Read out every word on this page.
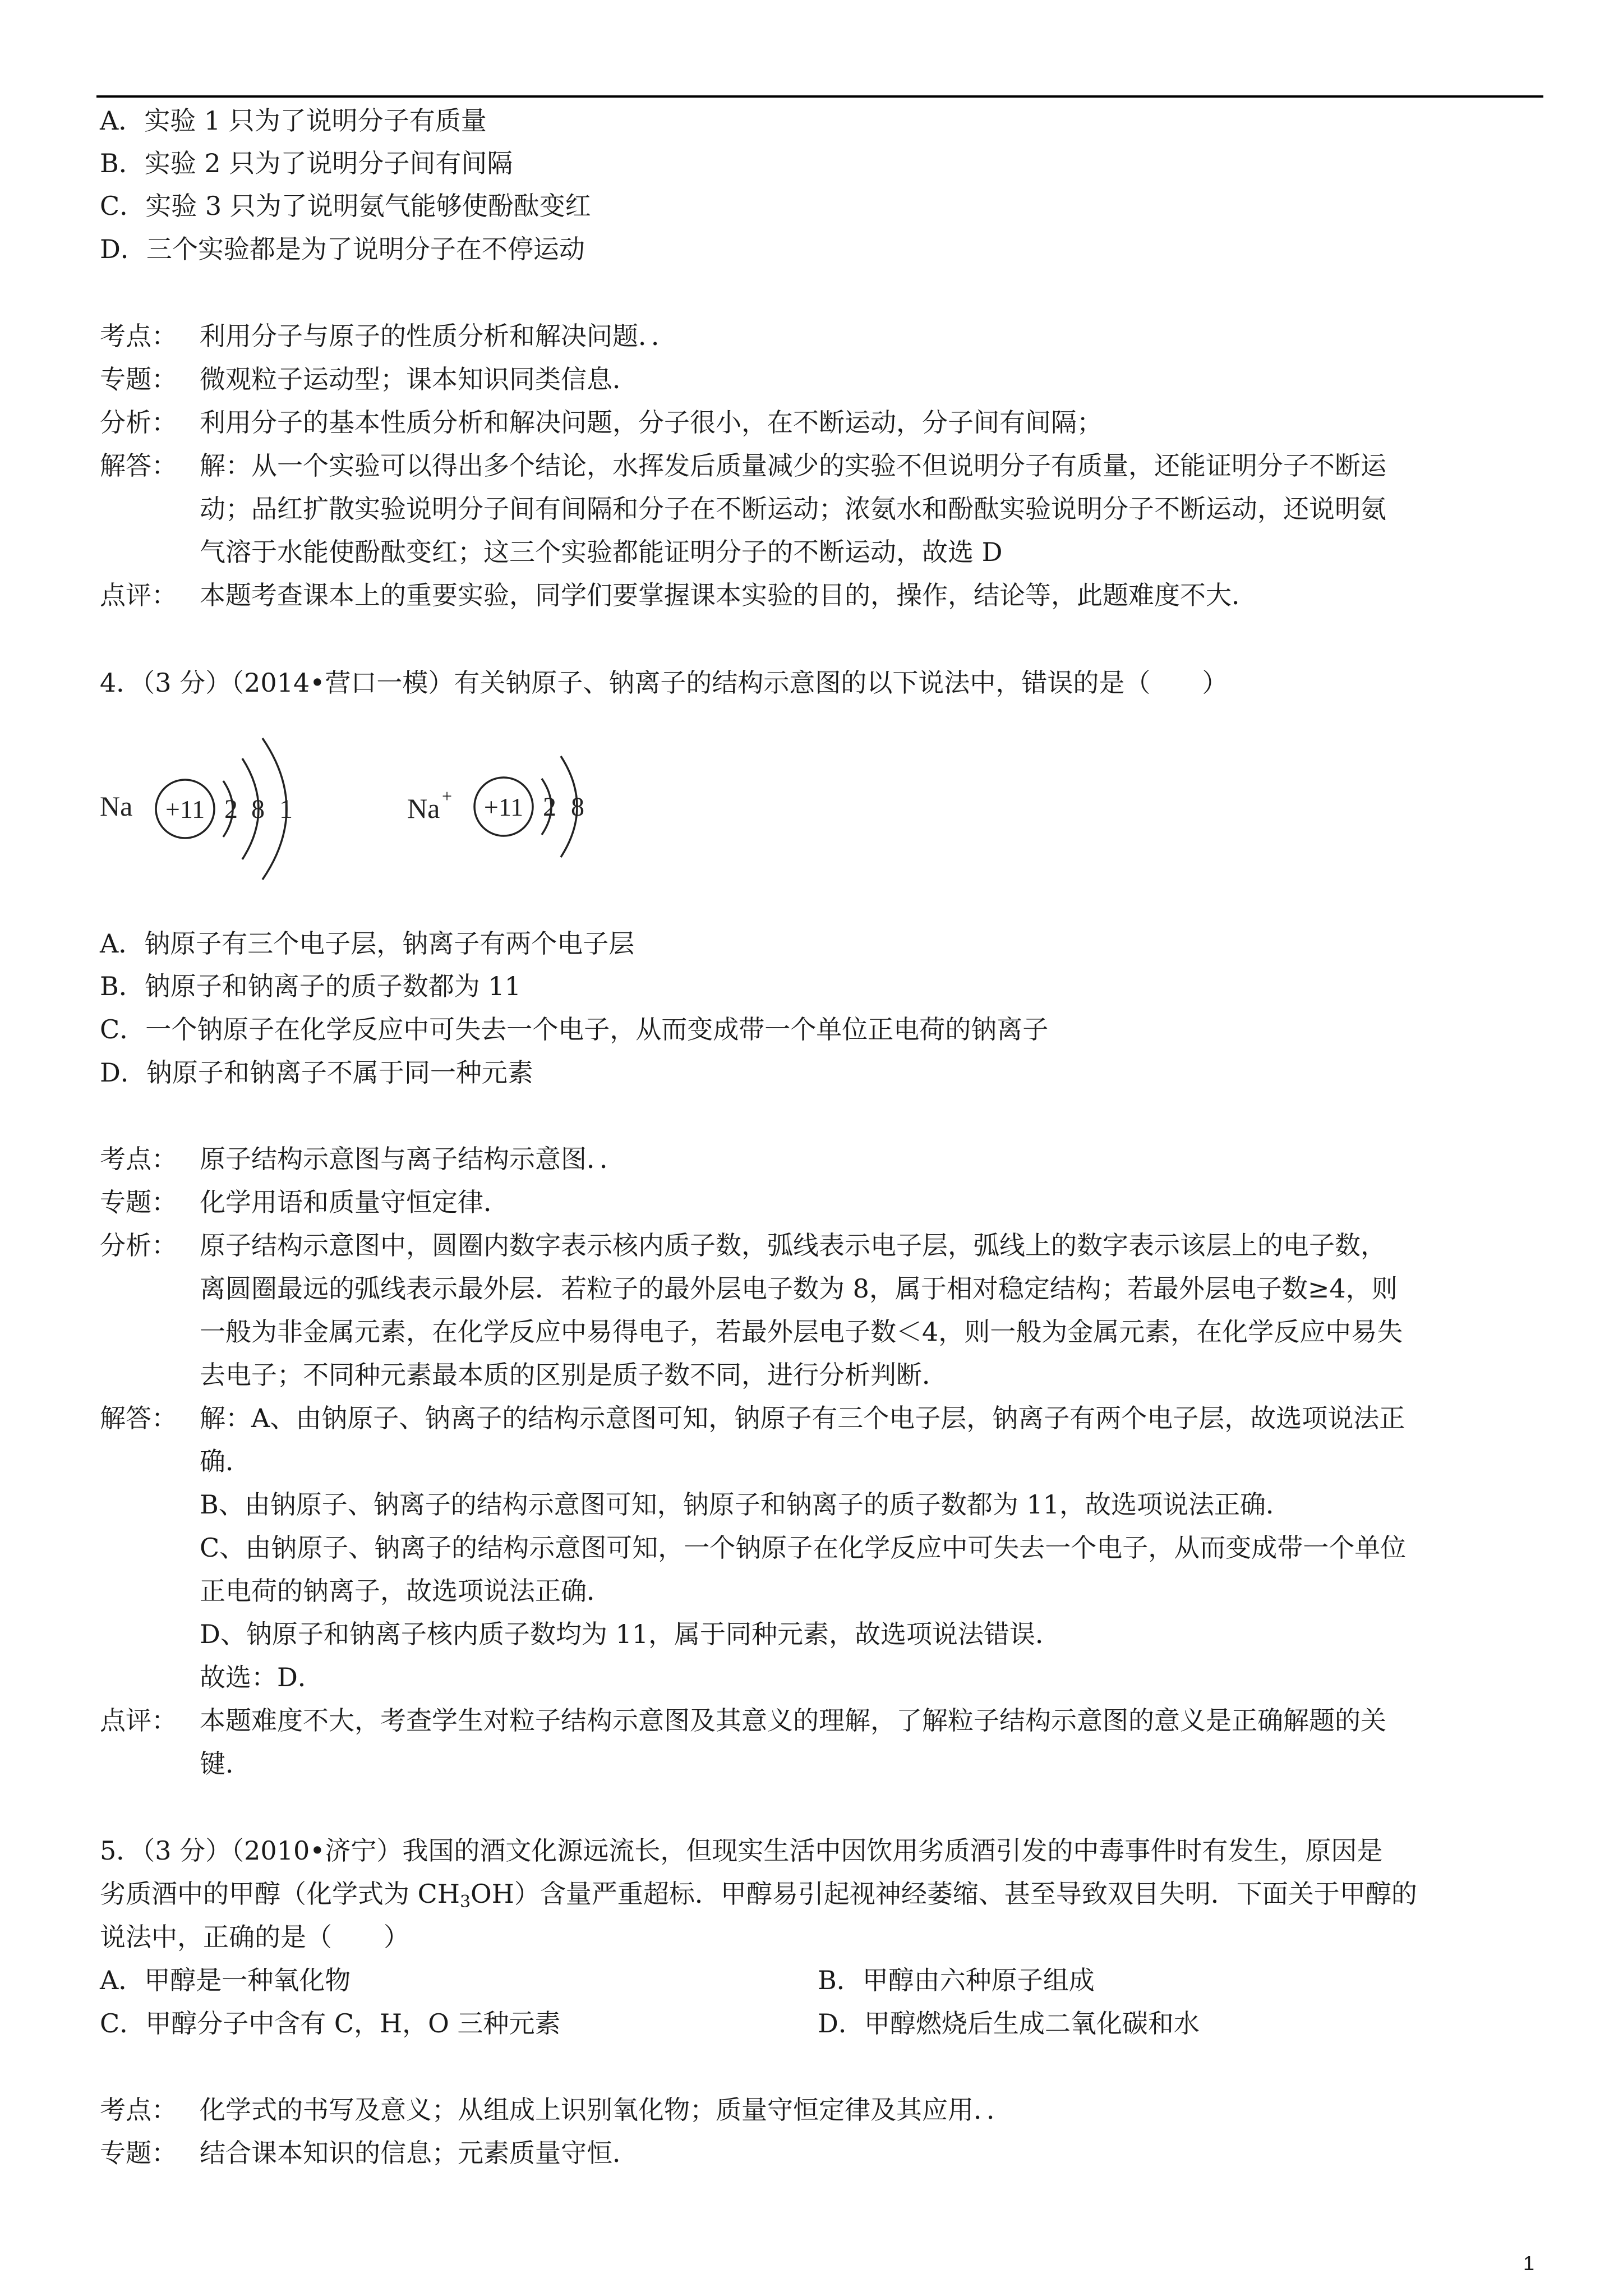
A．实验 1 只为了说明分子有质量
B．实验 2 只为了说明分子间有间隔
C．实验 3 只为了说明氨气能够使酚酞变红
D．三个实验都是为了说明分子在不停运动
考点： 利用分子与原子的性质分析和解决问题．．
专题： 微观粒子运动型；课本知识同类信息．
分析： 利用分子的基本性质分析和解决问题，分子很小，在不断运动，分子间有间隔；
解答： 解：从一个实验可以得出多个结论，水挥发后质量减少的实验不但说明分子有质量，还能证明分子不断运
动；品红扩散实验说明分子间有间隔和分子在不断运动；浓氨水和酚酞实验说明分子不断运动，还说明氨
气溶于水能使酚酞变红；这三个实验都能证明分子的不断运动，故选 D
点评： 本题考查课本上的重要实验，同学们要掌握课本实验的目的，操作，结论等，此题难度不大．
4．（3 分）（2014•营口一模）有关钠原子、钠离子的结构示意图的以下说法中，错误的是（　　）
Na +11 2 8 1	Na + +11 2 8
A．钠原子有三个电子层，钠离子有两个电子层
B．钠原子和钠离子的质子数都为 11
C．一个钠原子在化学反应中可失去一个电子，从而变成带一个单位正电荷的钠离子
D．钠原子和钠离子不属于同一种元素
考点： 原子结构示意图与离子结构示意图．．
专题： 化学用语和质量守恒定律．
分析： 原子结构示意图中，圆圈内数字表示核内质子数，弧线表示电子层，弧线上的数字表示该层上的电子数，
离圆圈最远的弧线表示最外层．若粒子的最外层电子数为 8，属于相对稳定结构；若最外层电子数≥4，则
一般为非金属元素，在化学反应中易得电子，若最外层电子数＜4，则一般为金属元素，在化学反应中易失
去电子；不同种元素最本质的区别是质子数不同，进行分析判断．
解答： 解：A、由钠原子、钠离子的结构示意图可知，钠原子有三个电子层，钠离子有两个电子层，故选项说法正
确．
B、由钠原子、钠离子的结构示意图可知，钠原子和钠离子的质子数都为 11，故选项说法正确．
C、由钠原子、钠离子的结构示意图可知，一个钠原子在化学反应中可失去一个电子，从而变成带一个单位
正电荷的钠离子，故选项说法正确．
D、钠原子和钠离子核内质子数均为 11，属于同种元素，故选项说法错误．
故选：D．
点评： 本题难度不大，考查学生对粒子结构示意图及其意义的理解，了解粒子结构示意图的意义是正确解题的关
键．
5．（3 分）（2010•济宁）我国的酒文化源远流长，但现实生活中因饮用劣质酒引发的中毒事件时有发生，原因是
劣质酒中的甲醇（化学式为 $CH_3OH$）含量严重超标．甲醇易引起视神经萎缩、甚至导致双目失明．下面关于甲醇的
说法中，正确的是（　　）
A．甲醇是一种氧化物	B．甲醇由六种原子组成
C．甲醇分子中含有 C，H，O 三种元素	D．甲醇燃烧后生成二氧化碳和水
考点： 化学式的书写及意义；从组成上识别氧化物；质量守恒定律及其应用．．
专题： 结合课本知识的信息；元素质量守恒．
1
